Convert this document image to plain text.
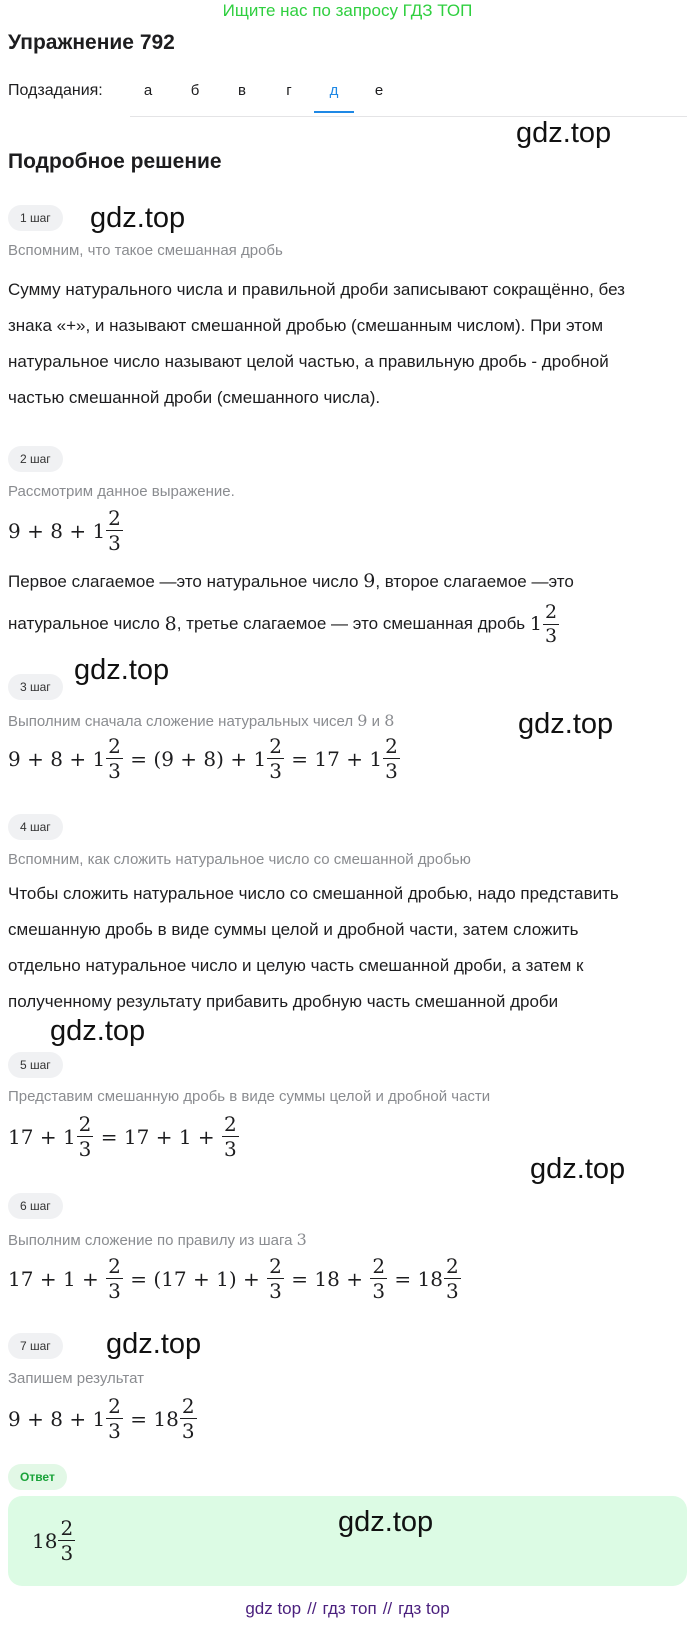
Ищите нас по запросу ГДЗ ТОП
Упражнение 792
Подзадания:	а	б	в	г	д	е
gdz.top
Подробное решение
1 шаг	gdz.top
Вспомним, что такое смешанная дробь
Сумму натурального числа и правильной дроби записывают сокращённо, без
знака «+», и называют смешанной дробью (смешанным числом). При этом
натуральное число называют целой частью, а правильную дробь - дробной
частью смешанной дроби (смешанного числа).
2 шаг
Рассмотрим данное выражение.
9
+
8
+
$1 \frac{2}{3}$
Первое слагаемое —это натуральное число 9, второе слагаемое —это
натуральное число
8 , третье слагаемое — это смешанная дробь
$1 \frac{2}{3}$
gdz.top
3 шаг
Выполним сначала сложение натуральных чисел 9 и 8	gdz.top
9
+
8
+
$1 \frac{2}{3}$
=
( 9
+
8 )
+
$1 \frac{2}{3}$
=
17
+
$1 \frac{2}{3}$
4 шаг
Вспомним, как сложить натуральное число со смешанной дробью
Чтобы сложить натуральное число со смешанной дробью, надо представить
смешанную дробь в виде суммы целой и дробной части, затем сложить
отдельно натуральное число и целую часть смешанной дроби, а затем к
полученному результату прибавить дробную часть смешанной дроби
gdz.top
5 шаг
Представим смешанную дробь в виде суммы целой и дробной части
17
+
$1 \frac{2}{3}$
=
17
+
1
+
$\frac{2}{3}$
gdz.top
6 шаг
Выполним сложение по правилу из шага 3
17
+
1
+
$\frac{2}{3}$
=
( 17
+
1 )
+
$\frac{2}{3}$
=
18
+
$\frac{2}{3}$
=
$18 \frac{2}{3}$
7 шаг	gdz.top
Запишем результат
9
+
8
+
$1 \frac{2}{3}$
=
$18 \frac{2}{3}$
Ответ
gdz.top
$18 \frac{2}{3}$
gdz top // гдз топ // гдз top
